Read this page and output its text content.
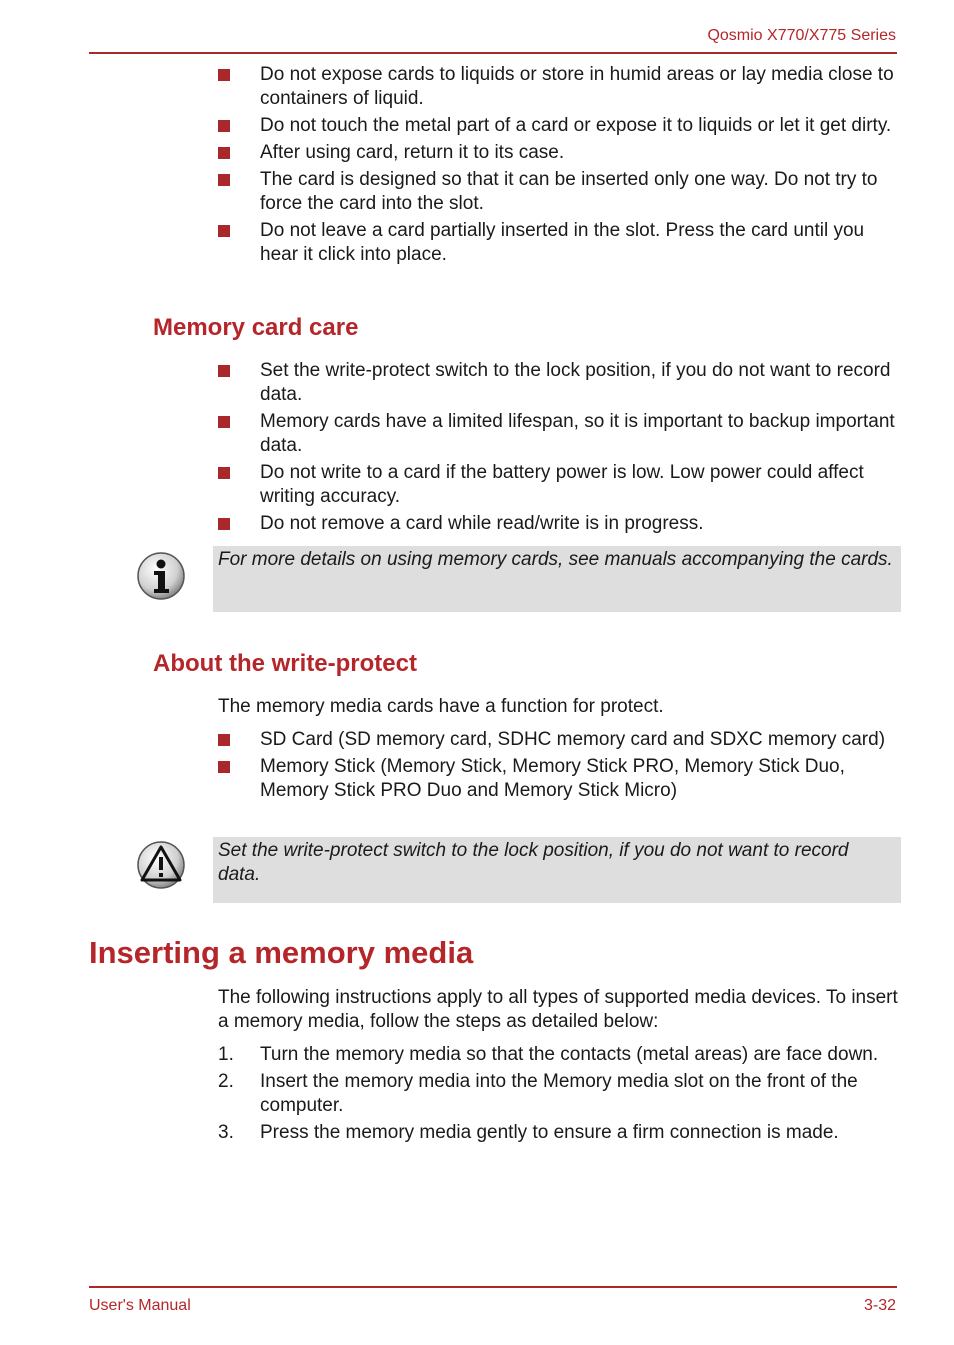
Qosmio X770/X775 Series
Do not expose cards to liquids or store in humid areas or lay media close to containers of liquid.
Do not touch the metal part of a card or expose it to liquids or let it get dirty.
After using card, return it to its case.
The card is designed so that it can be inserted only one way. Do not try to force the card into the slot.
Do not leave a card partially inserted in the slot. Press the card until you hear it click into place.
Memory card care
Set the write-protect switch to the lock position, if you do not want to record data.
Memory cards have a limited lifespan, so it is important to backup important data.
Do not write to a card if the battery power is low. Low power could affect writing accuracy.
Do not remove a card while read/write is in progress.
For more details on using memory cards, see manuals accompanying the cards.
About the write-protect
The memory media cards have a function for protect.
SD Card (SD memory card, SDHC memory card and SDXC memory card)
Memory Stick (Memory Stick, Memory Stick PRO, Memory Stick Duo, Memory Stick PRO Duo and Memory Stick Micro)
Set the write-protect switch to the lock position, if you do not want to record data.
Inserting a memory media
The following instructions apply to all types of supported media devices. To insert a memory media, follow the steps as detailed below:
1. Turn the memory media so that the contacts (metal areas) are face down.
2. Insert the memory media into the Memory media slot on the front of the computer.
3. Press the memory media gently to ensure a firm connection is made.
User's Manual	3-32
